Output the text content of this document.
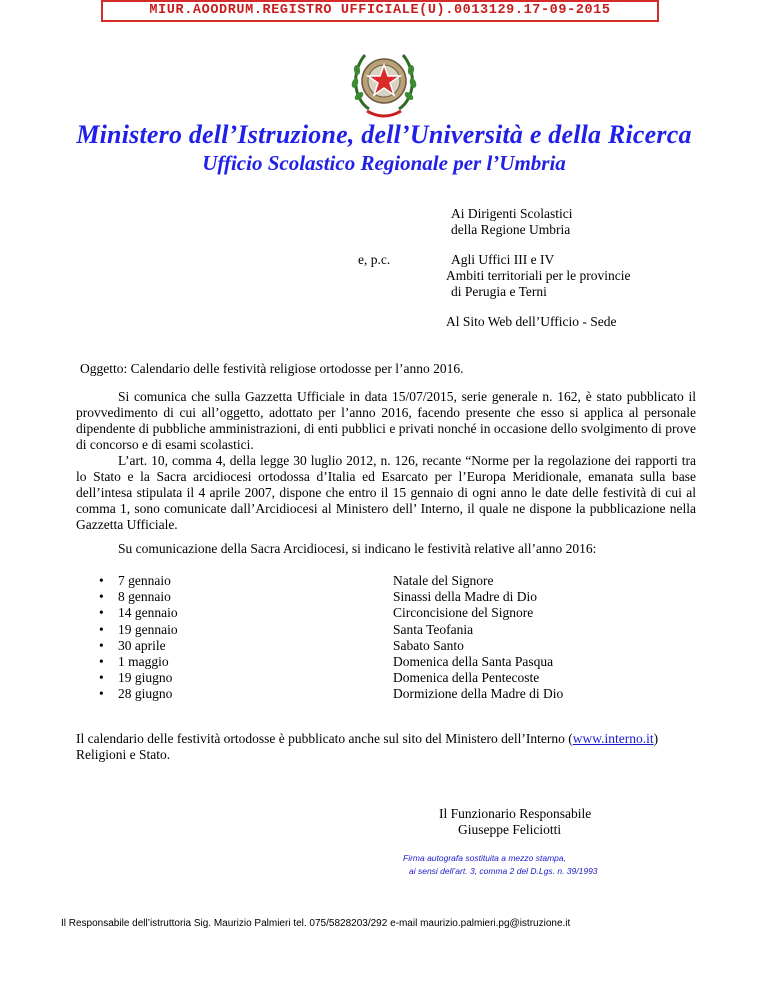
MIUR.AOODRUM.REGISTRO UFFICIALE(U).0013129.17-09-2015
Ministero dell’Istruzione, dell’Università e della Ricerca
Ufficio Scolastico Regionale per l’Umbria
Ai Dirigenti Scolastici
della Regione Umbria
e, p.c.	Agli Uffici III e IV
Ambiti territoriali per le provincie
di Perugia e Terni
Al Sito Web dell’Ufficio - Sede
Oggetto: Calendario delle festività religiose ortodosse per l’anno 2016.
Si comunica che sulla Gazzetta Ufficiale in data 15/07/2015, serie generale n. 162, è stato pubblicato il provvedimento di cui all’oggetto, adottato per l’anno 2016, facendo presente che esso si applica al personale dipendente di pubbliche amministrazioni, di enti pubblici e privati nonché in occasione dello svolgimento di prove di concorso e di esami scolastici.
L’art. 10, comma 4, della legge 30 luglio 2012, n. 126, recante “Norme per la regolazione dei rapporti tra lo Stato e la Sacra arcidiocesi ortodossa d’Italia ed Esarcato per l’Europa Meridionale, emanata sulla base dell’intesa stipulata il 4 aprile 2007, dispone che entro il 15 gennaio di ogni anno le date delle festività di cui al comma 1, sono comunicate dall’Arcidiocesi al Ministero dell’ Interno, il quale ne dispone la pubblicazione nella Gazzetta Ufficiale.
Su comunicazione della Sacra Arcidiocesi, si indicano le festività relative all’anno 2016:
• 7 gennaio
• 8 gennaio
• 14 gennaio
• 19 gennaio
• 30 aprile
• 1 maggio
• 19 giugno
• 28 giugno
Natale del Signore
Sinassi della Madre di Dio
Circoncisione del Signore
Santa Teofania
Sabato Santo
Domenica della Santa Pasqua
Domenica della Pentecoste
Dormizione della Madre di Dio
Il calendario delle festività ortodosse è pubblicato anche sul sito del Ministero dell’Interno (www.interno.it)
Religioni e Stato.
Il Funzionario Responsabile
Giuseppe Feliciotti
Firma autografa sostituita a mezzo stampa,
ai sensi dell’art. 3, comma 2 del D.Lgs. n. 39/1993
Il Responsabile dell’istruttoria Sig. Maurizio Palmieri tel. 075/5828203/292 e-mail maurizio.palmieri.pg@istruzione.it
